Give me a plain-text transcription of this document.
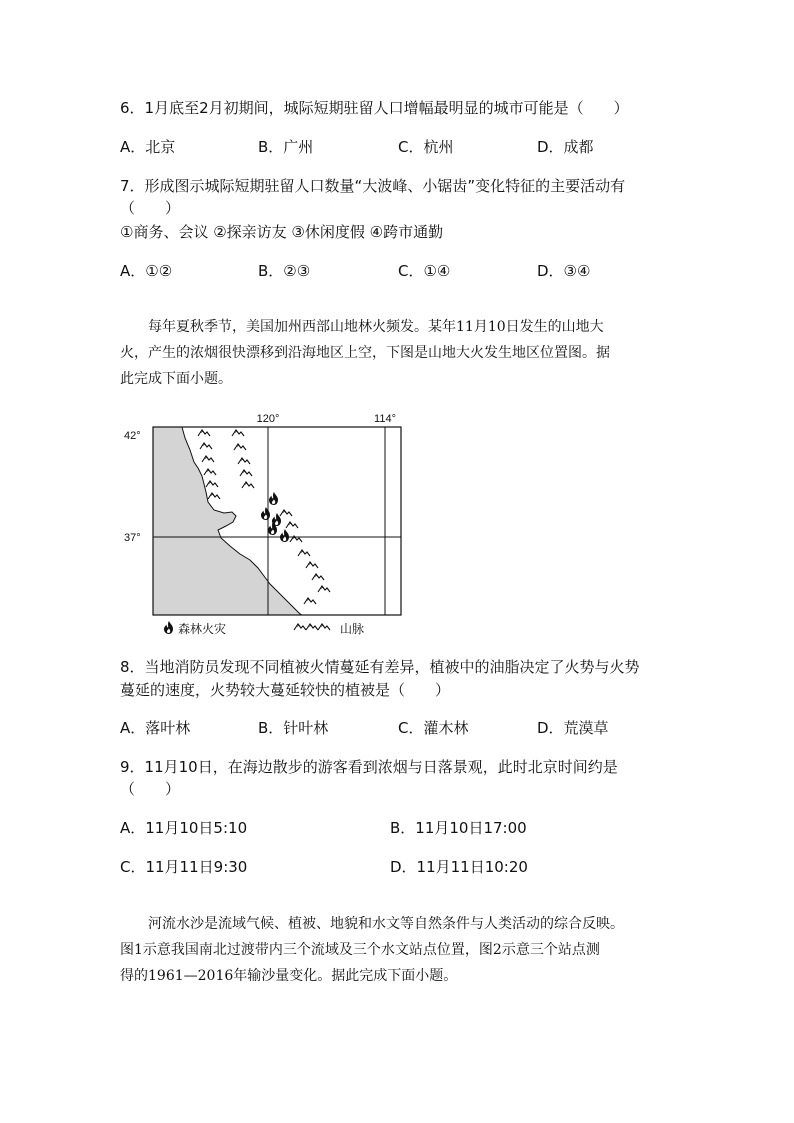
6．1月底至2月初期间，城际短期驻留人口增幅最明显的城市可能是（　　）
A．北京	B．广州	C．杭州	D．成都
7．形成图示城际短期驻留人口数量“大波峰、小锯齿”变化特征的主要活动有
（　　）
①商务、会议 ②探亲访友 ③休闲度假 ④跨市通勤
A．①②	B．②③	C．①④	D．③④
每年夏秋季节，美国加州西部山地林火频发。某年11月10日发生的山地大
火，产生的浓烟很快漂移到沿海地区上空，下图是山地大火发生地区位置图。据
此完成下面小题。
120°	114°
42°
37°
森林火灾	山脉
8．当地消防员发现不同植被火情蔓延有差异，植被中的油脂决定了火势与火势
蔓延的速度，火势较大蔓延较快的植被是（　　）
A．落叶林	B．针叶林	C．灌木林	D．荒漠草
9．11月10日，在海边散步的游客看到浓烟与日落景观，此时北京时间约是
（　　）
A．11月10日5:10	B．11月10日17:00
C．11月11日9:30	D．11月11日10:20
河流水沙是流域气候、植被、地貌和水文等自然条件与人类活动的综合反映。
图1示意我国南北过渡带内三个流域及三个水文站点位置，图2示意三个站点测
得的1961—2016年输沙量变化。据此完成下面小题。
